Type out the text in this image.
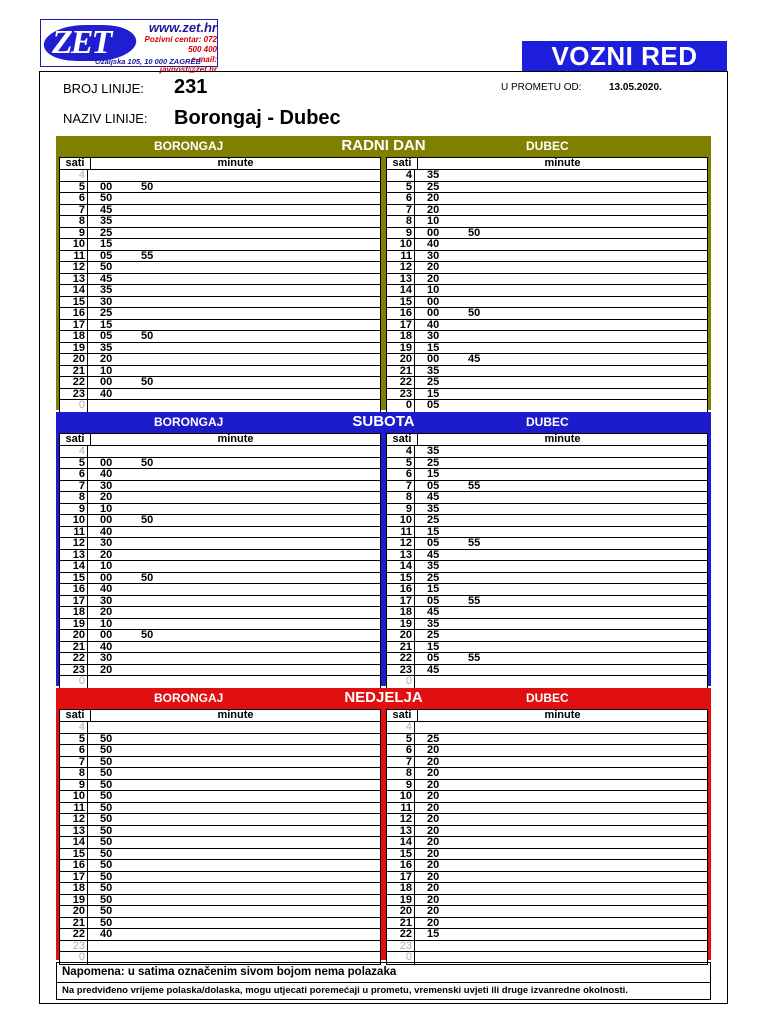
ZET	www.zet.hr
Pozivni centar: 072 500 400
e-mail: javnost@zet.hr
Ozaljska 105, 10 000 ZAGREB	VOZNI RED
BROJ LINIJE: 231	U PROMETU OD:	13.05.2020.
NAZIV LINIJE: Borongaj - Dubec
RADNI DAN
BORONGAJ	DUBEC
sati	minute
4
5 00	50
6 50
7 45
8 35
9 25
10 15
11 05	55
12 50
13 45
14 35
15 30
16 25
17 15
18 05	50
19 35
20 20
21 10
22 00	50
23 40
0
sati	minute
4 35
5 25
6 20
7 20
8 10
9 00	50
10 40
11 30
12 20
13 20
14 10
15 00
16 00	50
17 40
18 30
19 15
20 00	45
21 35
22 25
23 15
0 05
SUBOTA
BORONGAJ	DUBEC
sati	minute
4
5 00	50
6 40
7 30
8 20
9 10
10 00	50
11 40
12 30
13 20
14 10
15 00	50
16 40
17 30
18 20
19 10
20 00	50
21 40
22 30
23 20
0
sati	minute
4 35
5 25
6 15
7 05	55
8 45
9 35
10 25
11 15
12 05	55
13 45
14 35
15 25
16 15
17 05	55
18 45
19 35
20 25
21 15
22 05	55
23 45
0
NEDJELJA
BORONGAJ	DUBEC
sati	minute
4
5 50
6 50
7 50
8 50
9 50
10 50
11 50
12 50
13 50
14 50
15 50
16 50
17 50
18 50
19 50
20 50
21 50
22 40
23
0
sati	minute
4
5 25
6 20
7 20
8 20
9 20
10 20
11 20
12 20
13 20
14 20
15 20
16 20
17 20
18 20
19 20
20 20
21 20
22 15
23
0
Napomena: u satima označenim sivom bojom nema polazaka
Na predviđeno vrijeme polaska/dolaska, mogu utjecati poremećaji u prometu, vremenski uvjeti ili druge izvanredne okolnosti.
